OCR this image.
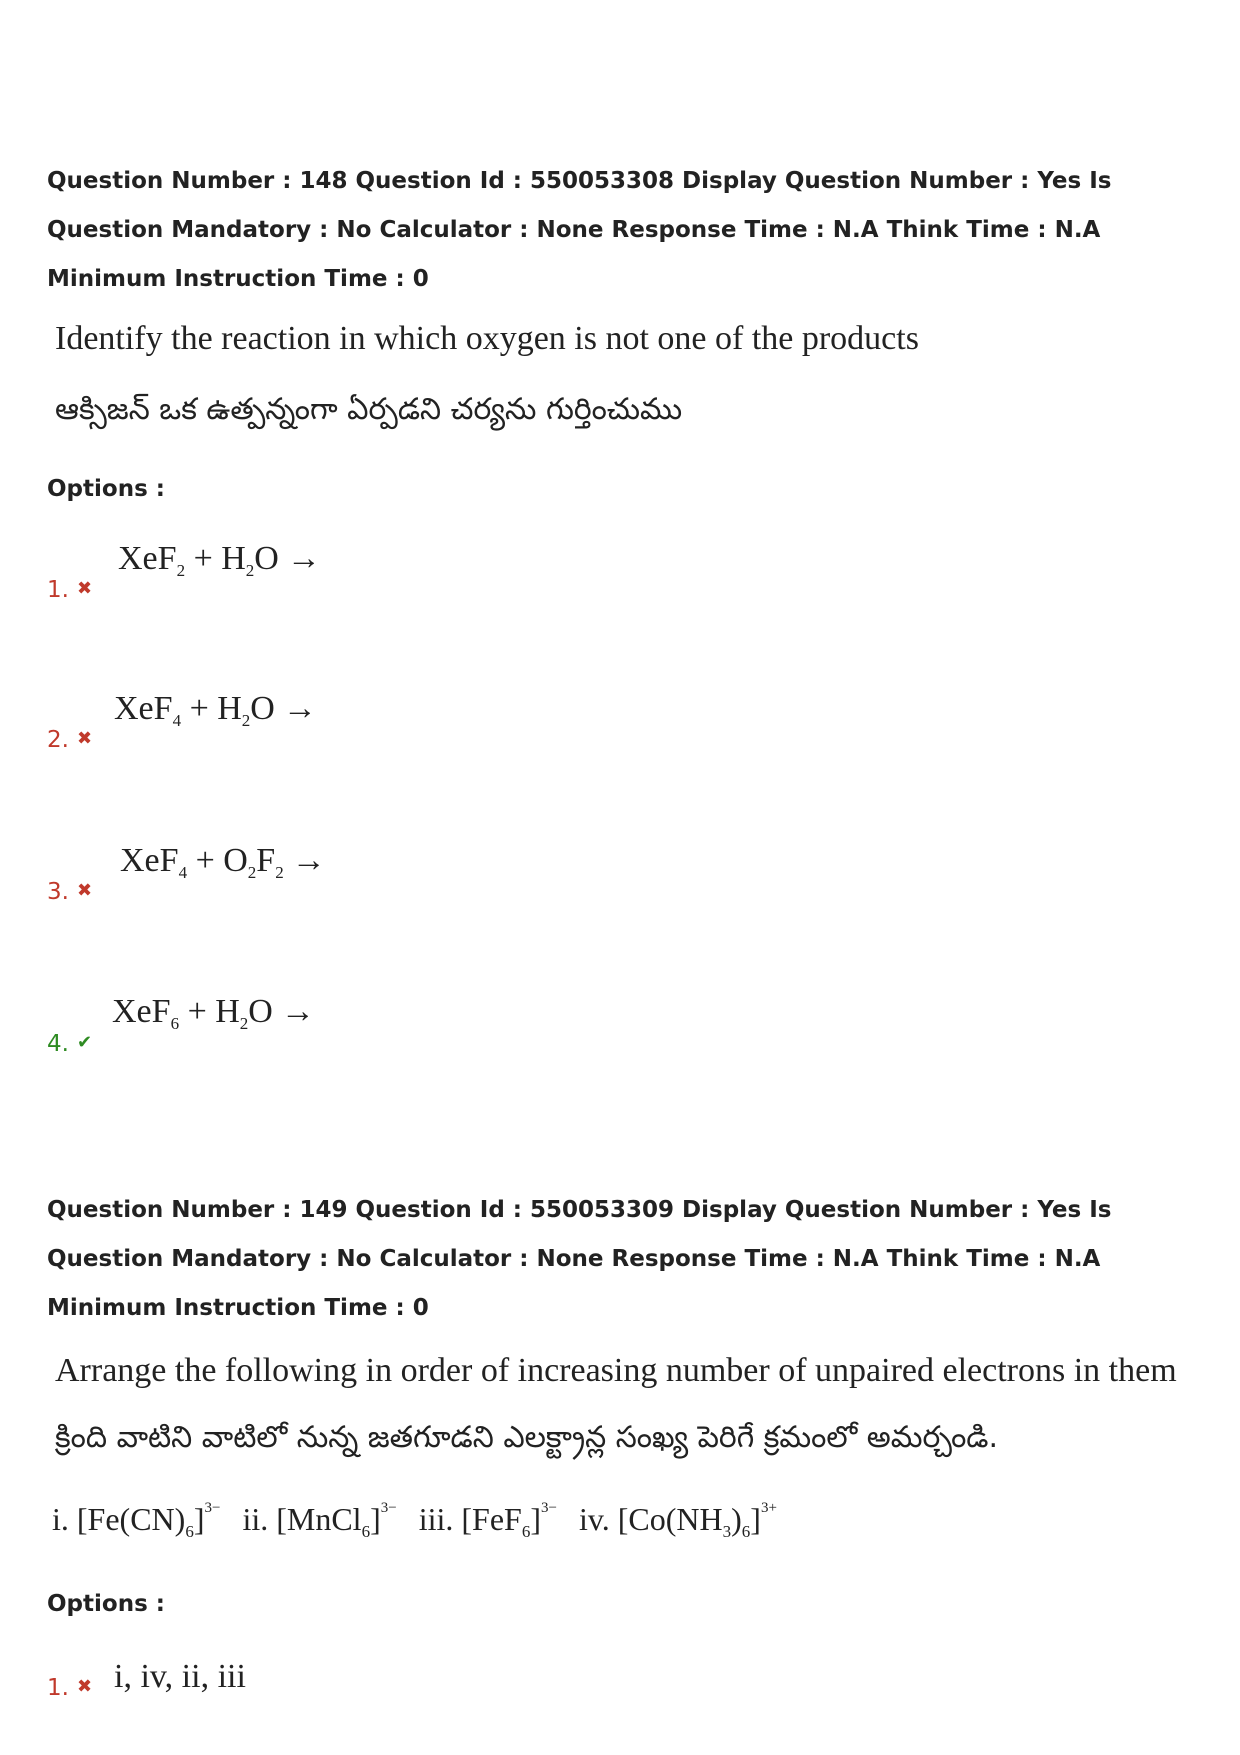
Question Number : 148 Question Id : 550053308 Display Question Number : Yes Is Question Mandatory : No Calculator : None Response Time : N.A Think Time : N.A Minimum Instruction Time : 0
Identify the reaction in which oxygen is not one of the products
ఆక్సిజన్ ఒక ఉత్పన్నంగా ఏర్పడని చర్యను గుర్తించుము
Options :
1. ✖
$XeF_2 + H_2O$ →
2. ✖
$XeF_4 + H_2O$ →
3. ✖
$XeF_4 + O_2F_2$ →
4. ✔
$XeF_6 + H_2O$ →
Question Number : 149 Question Id : 550053309 Display Question Number : Yes Is Question Mandatory : No Calculator : None Response Time : N.A Think Time : N.A Minimum Instruction Time : 0
Arrange the following in order of increasing number of unpaired electrons in them
క్రింది వాటిని వాటిలో నున్న జతగూడని ఎలక్ట్రాన్ల సంఖ్య పెరిగే క్రమంలో అమర్చండి.
i. $[Fe(CN)_6]^{3-}$ ii. [MnCl$_6$]$^{3-}$ iii. $[FeF_6]^{3-}$ iv. $[Co(NH_3)_6]^{3+}$
Options :
1. ✖ i, iv, ii, iii
